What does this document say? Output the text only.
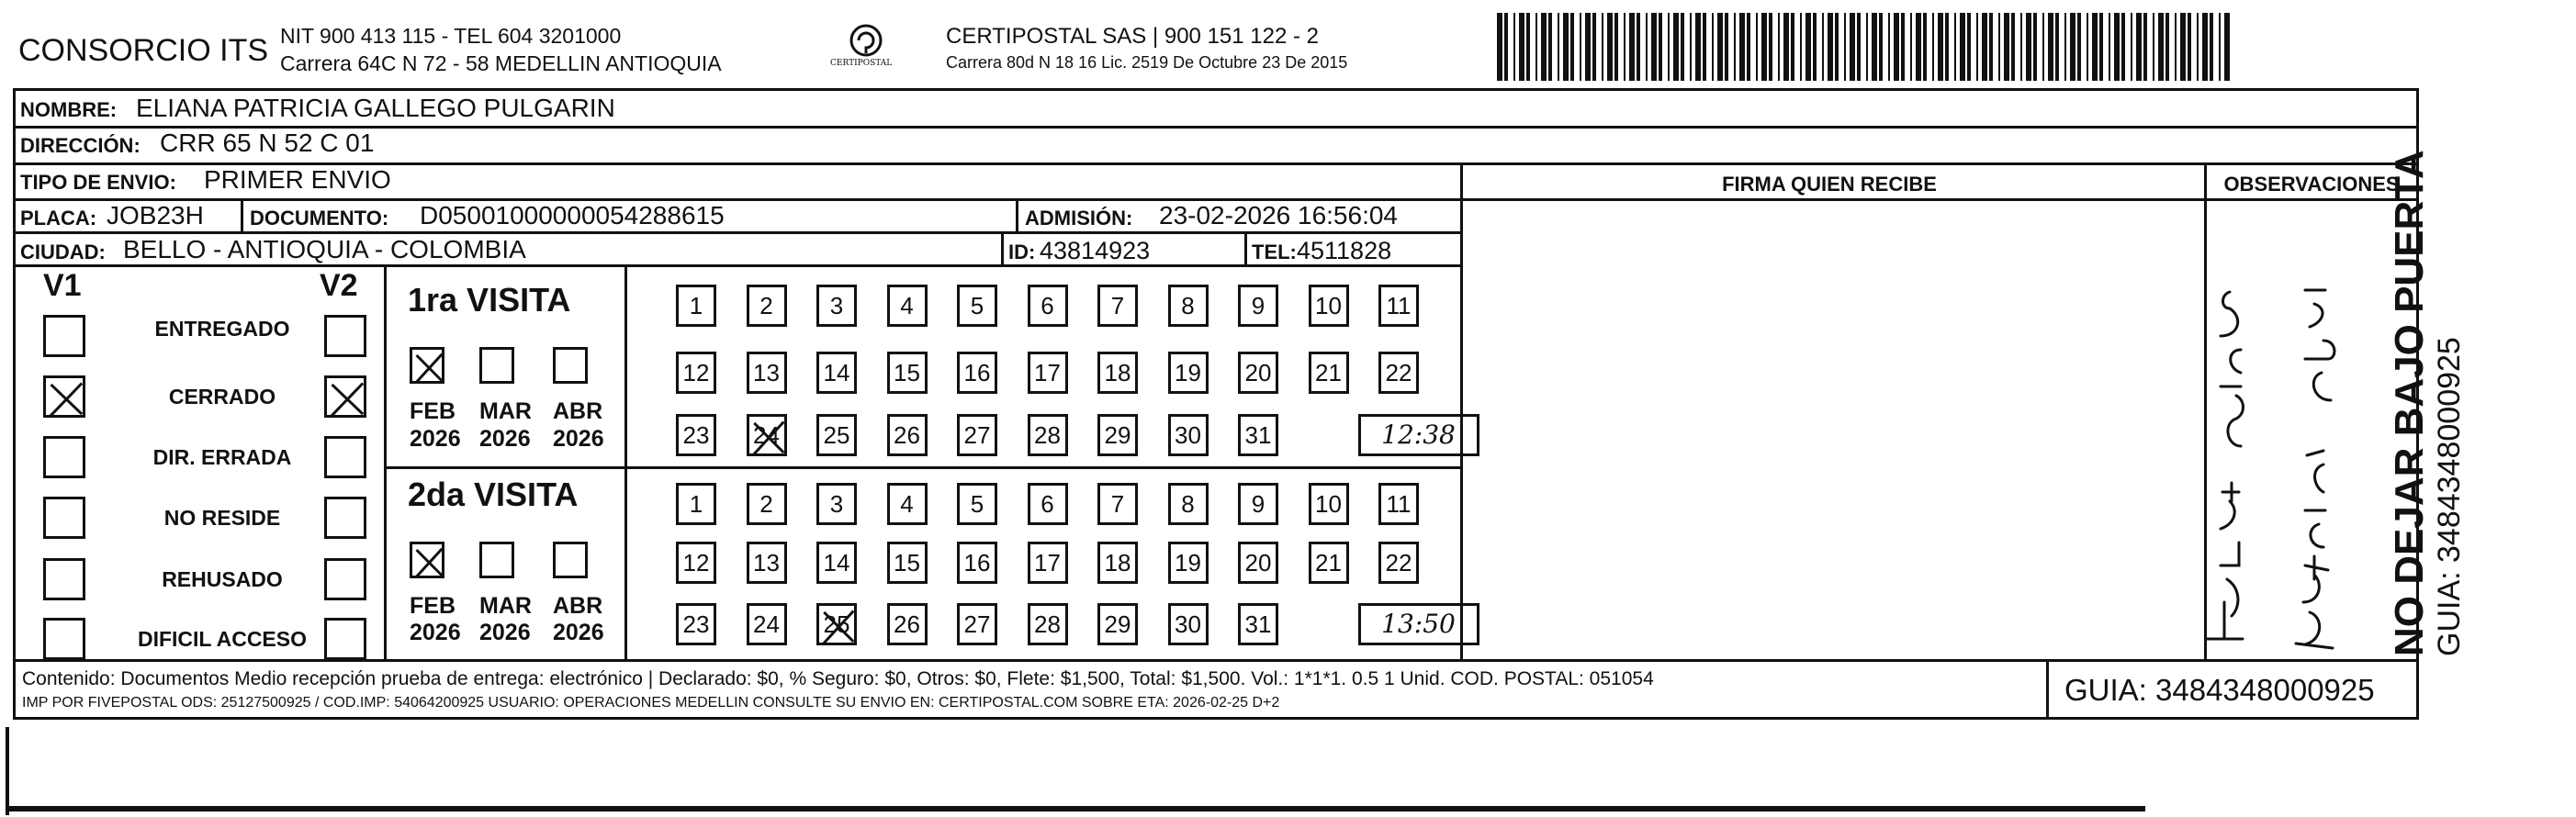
CONSORCIO ITS NIT 900 413 115 - TEL 604 3201000
Carrera 64C N 72 - 58 MEDELLIN ANTIOQUIA	CERTIPOSTAL
CERTIPOSTAL SAS | 900 151 122 - 2
Carrera 80d N 18 16 Lic. 2519 De Octubre 23 De 2015
NOMBRE: ELIANA PATRICIA GALLEGO PULGARIN
DIRECCIÓN: CRR 65 N 52 C 01
TIPO DE ENVIO: PRIMER ENVIO	FIRMA QUIEN RECIBE	OBSERVACIONES
PLACA: JOB23H DOCUMENTO: D05001000000054288615	ADMISIÓN: 23-02-2026 16:56:04
CIUDAD: BELLO - ANTIOQUIA - COLOMBIA	ID: 43814923	TEL: 4511828
V1	V2
ENTREGADO
CERRADO
DIR. ERRADA
NO RESIDE
REHUSADO
DIFICIL ACCESO
1ra VISITA
FEB
2026
MAR
2026
ABR
2026
1	2	3	4	5	6	7	8	9	10	11
12 13 14 15 16 17 18 19 20 21 22
23 24 25 26 27 28 29 30 31	12:38
2da VISITA
FEB
2026
MAR
2026
ABR
2026
1	2	3	4	5	6	7	8	9	10	11
12 13 14 15 16 17 18 19 20 21 22
23 24 25 26 27 28 29 30 31	13:50
Contenido: Documentos Medio recepción prueba de entrega: electrónico | Declarado: $0, % Seguro: $0, Otros: $0, Flete: $1,500, Total: $1,500. Vol.: 1*1*1. 0.5 1 Unid. COD. POSTAL: 051054
IMP POR FIVEPOSTAL ODS: 25127500925 / COD.IMP: 54064200925 USUARIO: OPERACIONES MEDELLIN CONSULTE SU ENVIO EN: CERTIPOSTAL.COM SOBRE ETA: 2026-02-25 D+2	GUIA: 3484348000925
NO DEJAR BAJO PUERTA GUIA: 3484348000925
